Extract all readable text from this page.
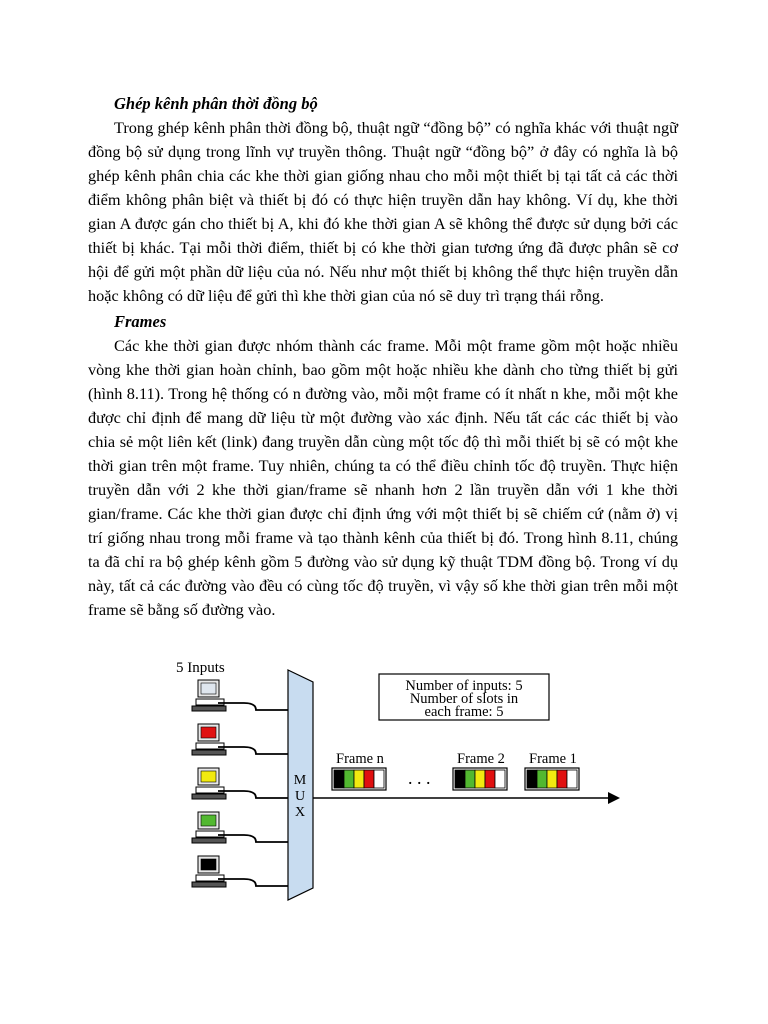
Ghép kênh phân thời đồng bộ

Trong ghép kênh phân thời đồng bộ, thuật ngữ “đồng bộ” có nghĩa khác với thuật ngữ đồng bộ sử dụng trong lĩnh vự truyền thông. Thuật ngữ “đồng bộ” ở đây có nghĩa là bộ ghép kênh phân chia các khe thời gian giống nhau cho mỗi một thiết bị tại tất cả các thời điểm không phân biệt và thiết bị đó có thực hiện truyền dẫn hay không. Ví dụ, khe thời gian A được gán cho thiết bị A, khi đó khe thời gian A sẽ không thể được sử dụng bởi các thiết bị khác. Tại mỗi thời điểm, thiết bị có khe thời gian tương ứng đã được phân sẽ cơ hội để gửi một phần dữ liệu của nó. Nếu như một thiết bị không thể thực hiện truyền dẫn hoặc không có dữ liệu để gửi thì khe thời gian của nó sẽ duy trì trạng thái rỗng.

Frames

Các khe thời gian được nhóm thành các frame. Mỗi một frame gồm một hoặc nhiều vòng khe thời gian hoàn chỉnh, bao gồm một hoặc nhiều khe dành cho từng thiết bị gửi (hình 8.11). Trong hệ thống có n đường vào, mỗi một frame có ít nhất n khe, mỗi một khe được chỉ định để mang dữ liệu từ một đường vào xác định. Nếu tất các các thiết bị vào chia sẻ một liên kết (link) đang truyền dẫn cùng một tốc độ thì mỗi thiết bị sẽ có một khe thời gian trên một frame. Tuy nhiên, chúng ta có thể điều chỉnh tốc độ truyền. Thực hiện truyền dẫn với 2 khe thời gian/frame sẽ nhanh hơn 2 lần truyền dẫn với 1 khe thời gian/frame. Các khe thời gian được chỉ định ứng với một thiết bị sẽ chiếm cứ (nằm ở) vị trí giống nhau trong mỗi frame và tạo thành kênh của thiết bị đó. Trong hình 8.11, chúng ta đã chỉ ra bộ ghép kênh gồm 5 đường vào sử dụng kỹ thuật TDM đồng bộ. Trong ví dụ này, tất cả các đường vào đều có cùng tốc độ truyền, vì vậy số khe thời gian trên mỗi một frame sẽ bằng số đường vào.

5 Inputs
M
U
X
Number of inputs: 5
Number of slots in
each frame: 5
Frame n	Frame 2 Frame 1
. . .
